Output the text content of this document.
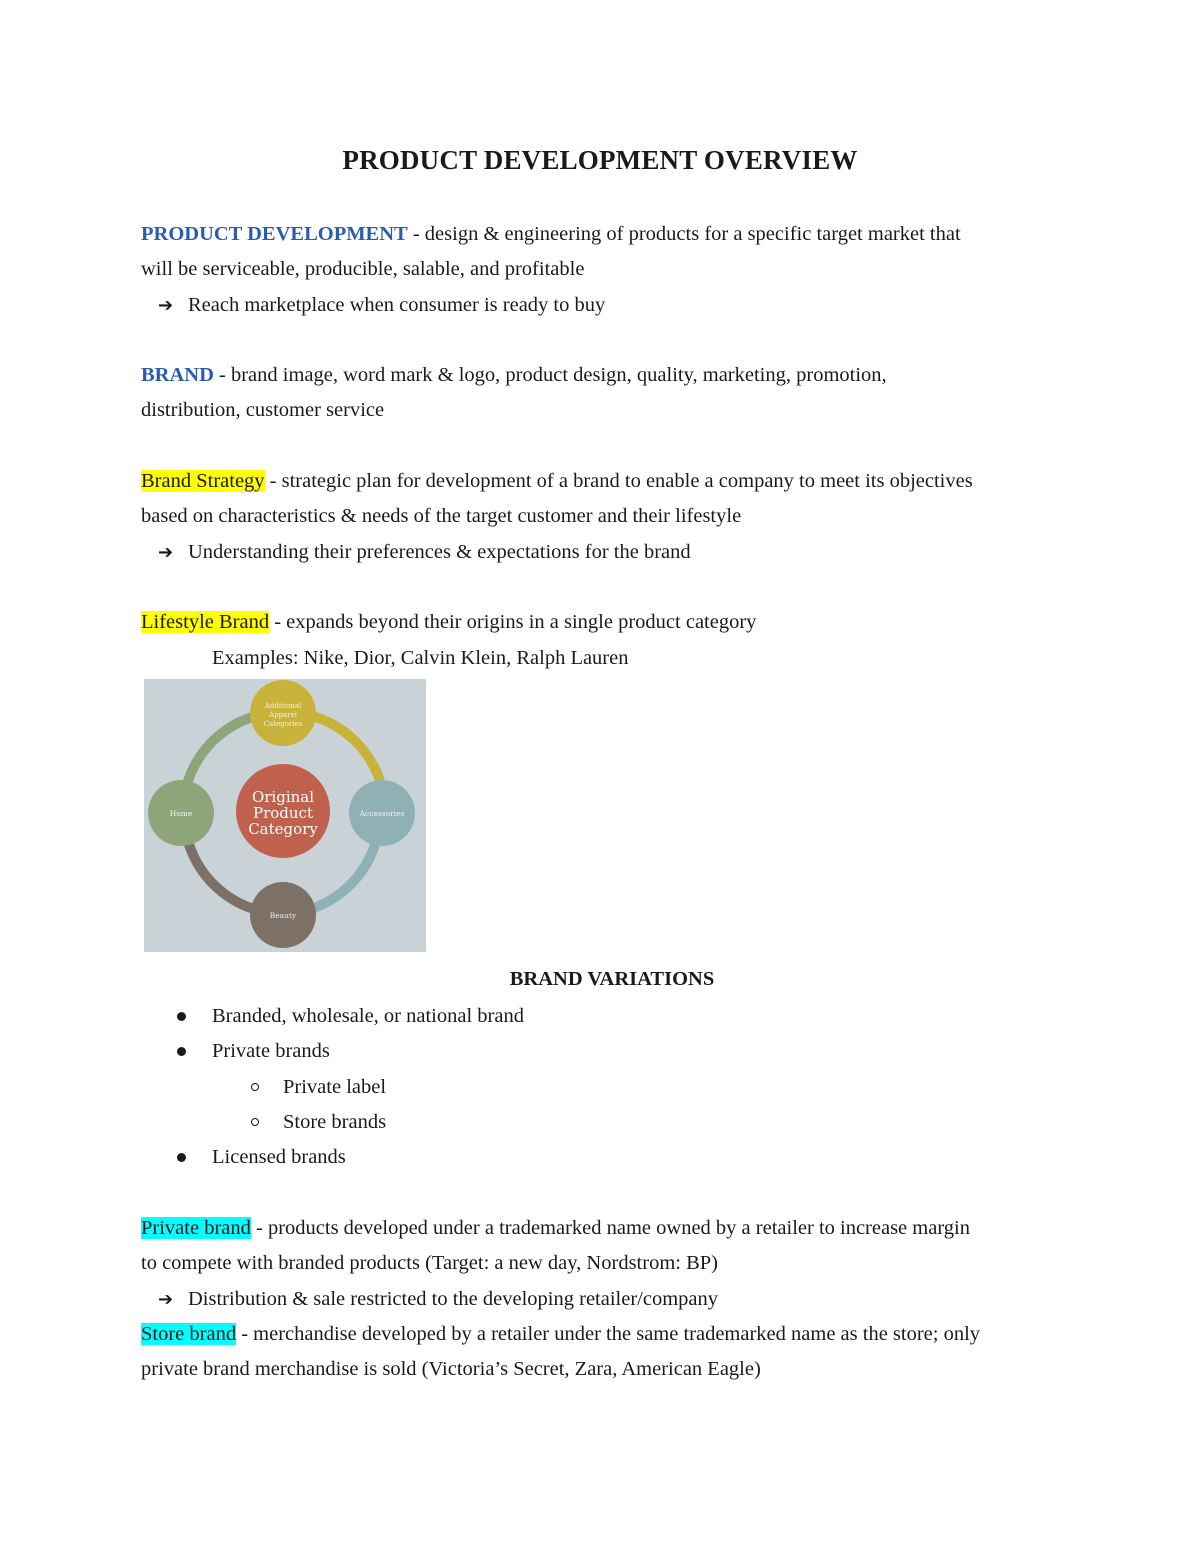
PRODUCT DEVELOPMENT OVERVIEW
PRODUCT DEVELOPMENT - design & engineering of products for a specific target market that
will be serviceable, producible, salable, and profitable
➔ Reach marketplace when consumer is ready to buy
BRAND - brand image, word mark & logo, product design, quality, marketing, promotion,
distribution, customer service
Brand Strategy - strategic plan for development of a brand to enable a company to meet its objectives
based on characteristics & needs of the target customer and their lifestyle
➔ Understanding their preferences & expectations for the brand
Lifestyle Brand - expands beyond their origins in a single product category
Examples: Nike, Dior, Calvin Klein, Ralph Lauren
Original
Product
Category
Additional
Apparel
Categories
Home	Accessories
Beauty
BRAND VARIATIONS
Branded, wholesale, or national brand
Private brands
Private label
Store brands
Licensed brands
Private brand - products developed under a trademarked name owned by a retailer to increase margin
to compete with branded products (Target: a new day, Nordstrom: BP)
➔ Distribution & sale restricted to the developing retailer/company
Store brand - merchandise developed by a retailer under the same trademarked name as the store; only
private brand merchandise is sold (Victoria’s Secret, Zara, American Eagle)
